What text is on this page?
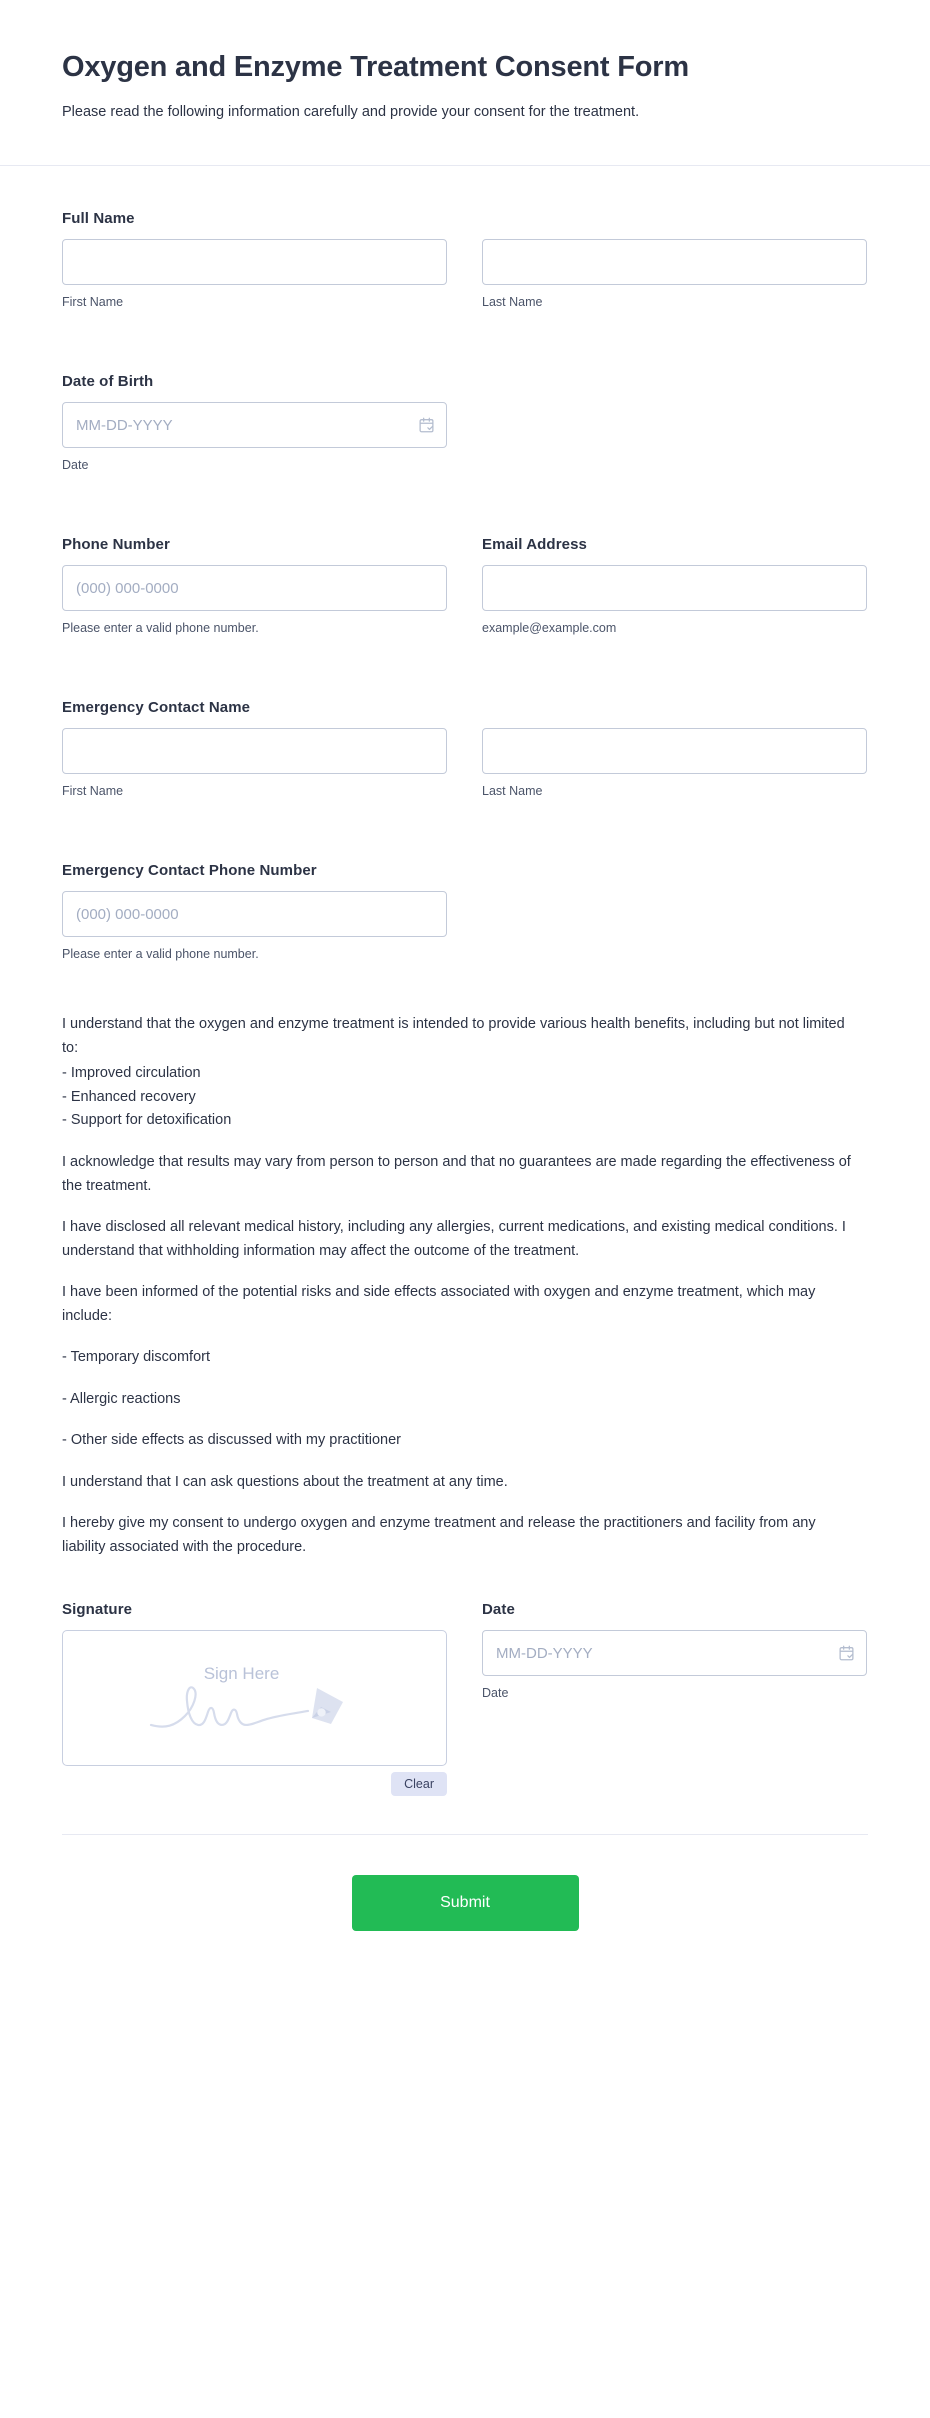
Oxygen and Enzyme Treatment Consent Form

Please read the following information carefully and provide your consent for the treatment.

Full Name
First Name	Last Name
Date of Birth
MM-DD-YYYY
Date
Phone Number
(000) 000-0000
Please enter a valid phone number.
Email Address
example@example.com
Emergency Contact Name
First Name	Last Name
Emergency Contact Phone Number
(000) 000-0000
Please enter a valid phone number.

I understand that the oxygen and enzyme treatment is intended to provide various health benefits, including but not limited to:

- Improved circulation

- Enhanced recovery

- Support for detoxification

I acknowledge that results may vary from person to person and that no guarantees are made regarding the effectiveness of the treatment.

I have disclosed all relevant medical history, including any allergies, current medications, and existing medical conditions. I understand that withholding information may affect the outcome of the treatment.

I have been informed of the potential risks and side effects associated with oxygen and enzyme treatment, which may include:

- Temporary discomfort

- Allergic reactions

- Other side effects as discussed with my practitioner

I understand that I can ask questions about the treatment at any time.

I hereby give my consent to undergo oxygen and enzyme treatment and release the practitioners and facility from any liability associated with the procedure.

Signature
Sign Here
Clear
Date
MM-DD-YYYY
Date
Submit
